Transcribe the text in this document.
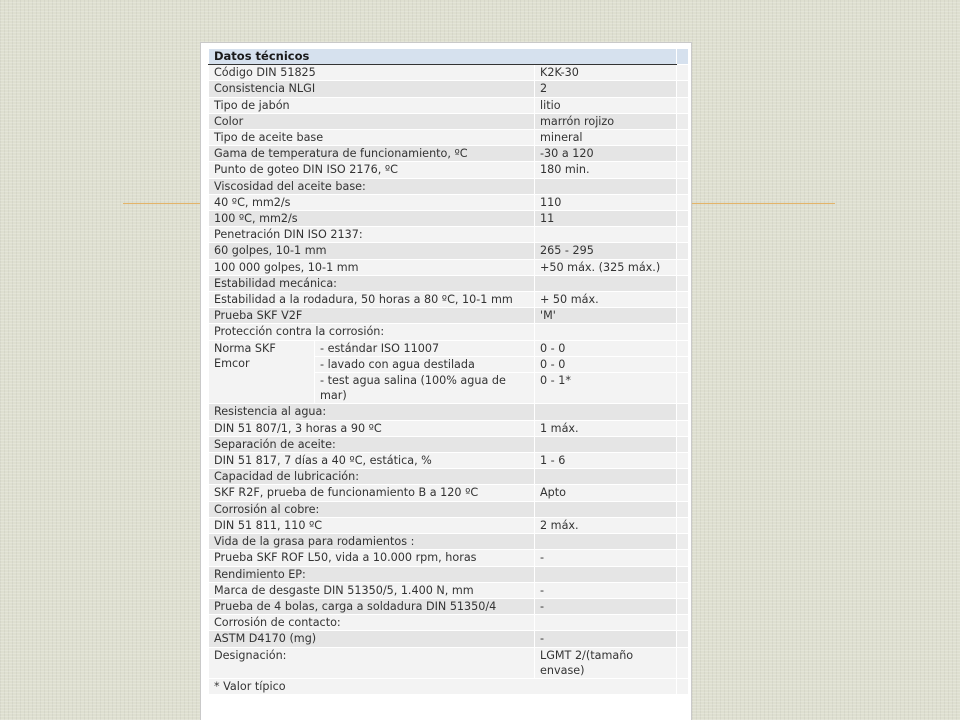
Datos técnicos			
Código DIN 51825		K2K-30	
Consistencia NLGI		2	
Tipo de jabón		litio	
Color		marrón rojizo	
Tipo de aceite base		mineral	
Gama de temperatura de funcionamiento, ºC		-30 a 120	
Punto de goteo DIN ISO 2176, ºC		180 min.	
Viscosidad del aceite base:			
40 ºC, mm2/s		110	
100 ºC, mm2/s		11	
Penetración DIN ISO 2137:			
60 golpes, 10-1 mm		265 - 295	
100 000 golpes, 10-1 mm		+50 máx. (325 máx.)	
Estabilidad mecánica:			
Estabilidad a la rodadura, 50 horas a 80 ºC, 10-1 mm		+ 50 máx.	
Prueba SKF V2F		'M'	
Protección contra la corrosión:			
Norma SKF Emcor	- estándar ISO 11007	0 - 0	
	- lavado con agua destilada	0 - 0	
	- test agua salina (100% agua de mar)	0 - 1*	
Resistencia al agua:			
DIN 51 807/1, 3 horas a 90 ºC		1 máx.	
Separación de aceite:			
DIN 51 817, 7 días a 40 ºC, estática, %		1 - 6	
Capacidad de lubricación:			
SKF R2F, prueba de funcionamiento B a 120 ºC		Apto	
Corrosión al cobre:			
DIN 51 811, 110 ºC		2 máx.	
Vida de la grasa para rodamientos :			
Prueba SKF ROF L50, vida a 10.000 rpm, horas		-	
Rendimiento EP:			
Marca de desgaste DIN 51350/5, 1.400 N, mm		-	
Prueba de 4 bolas, carga a soldadura DIN 51350/4		-	
Corrosión de contacto:			
ASTM D4170 (mg)		-	
Designación:		LGMT 2/(tamaño envase)	
* Valor típico			
